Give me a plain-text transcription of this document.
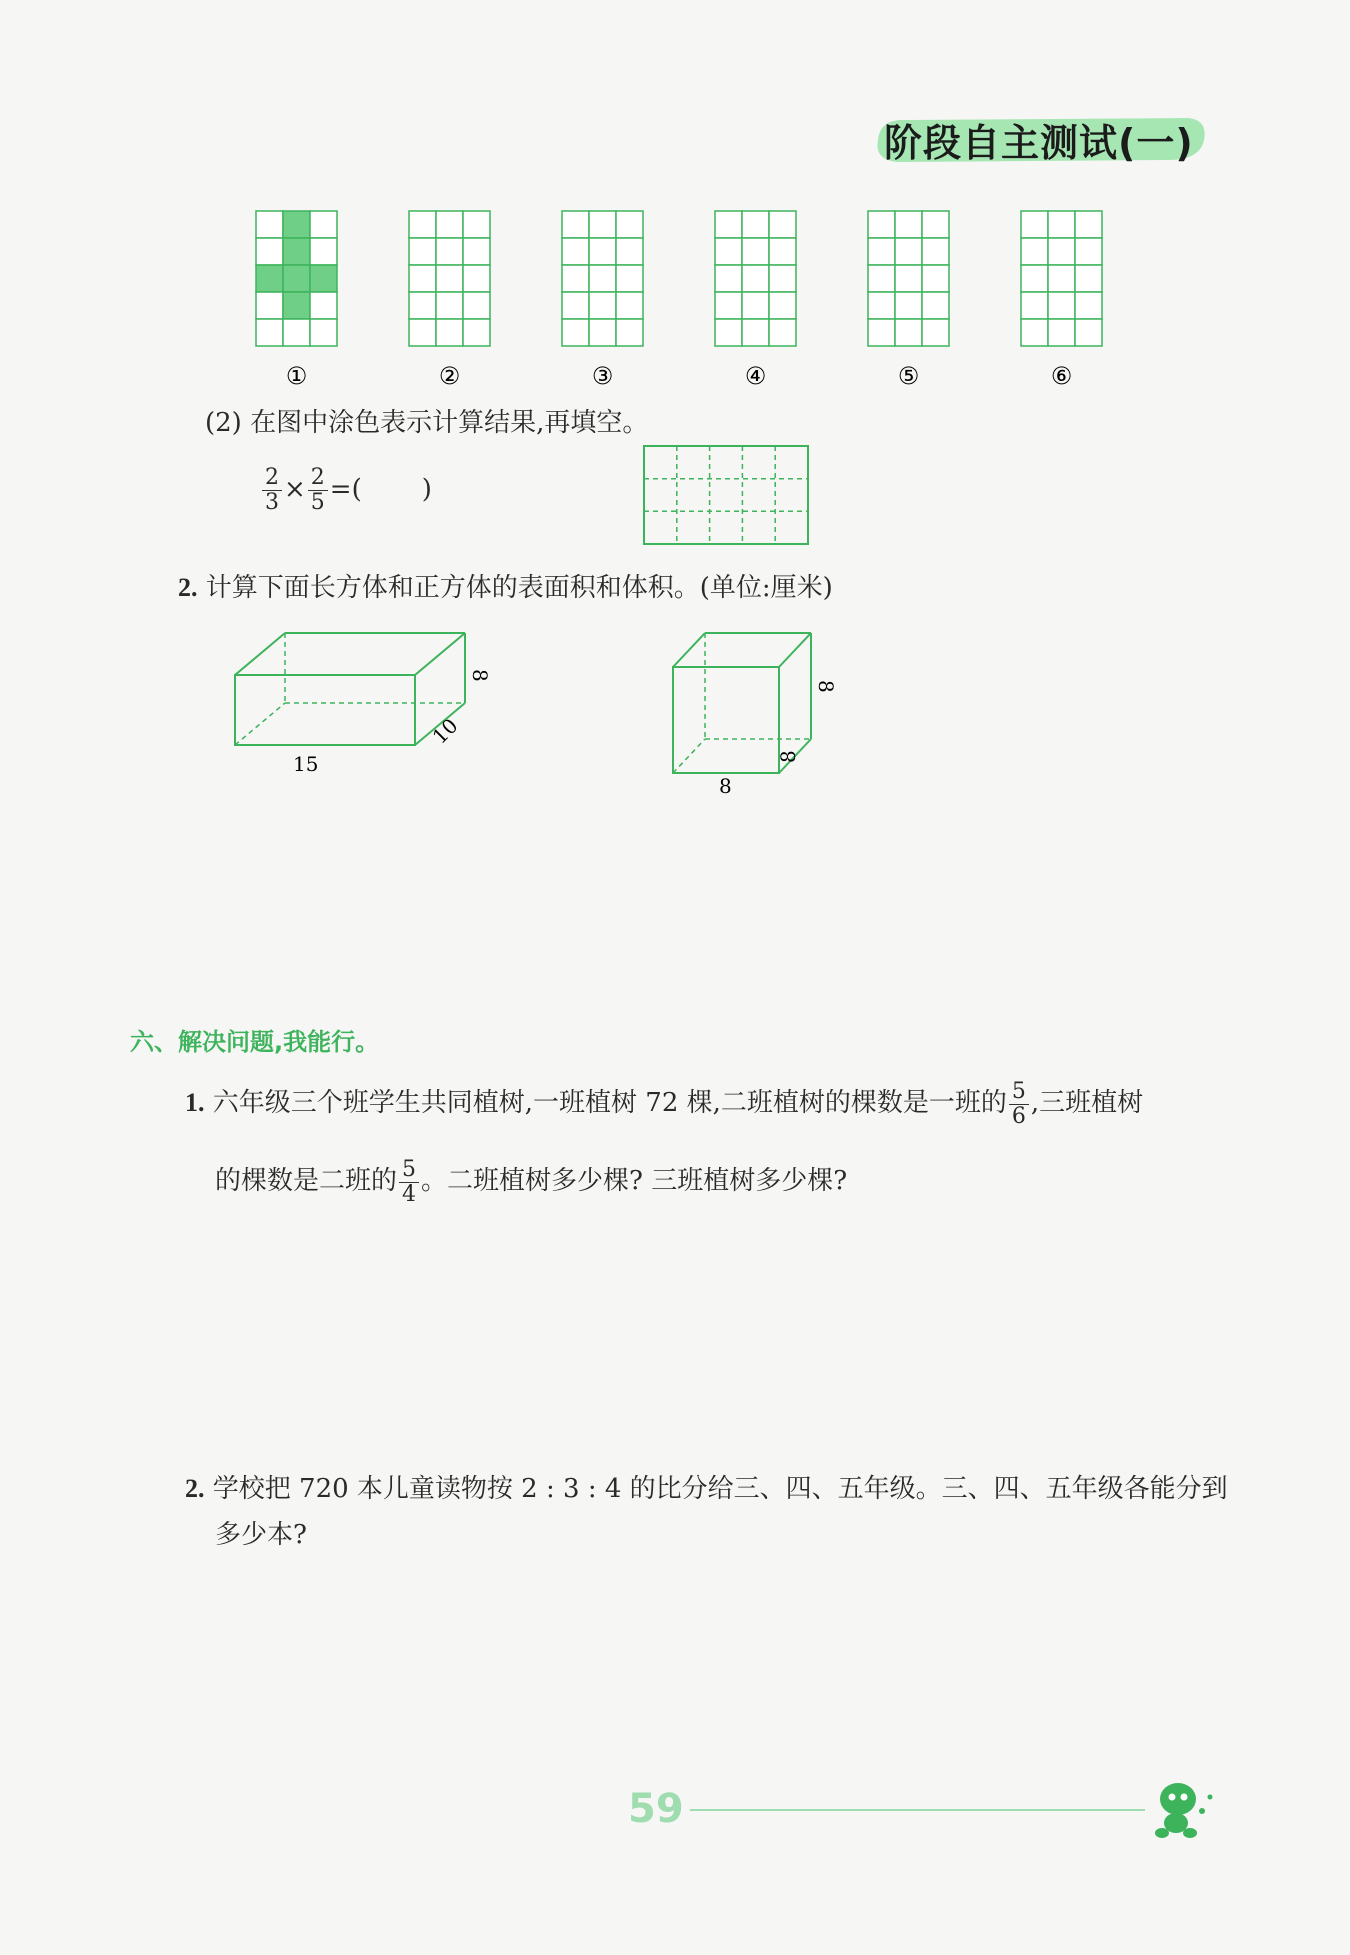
阶段自主测试(一)
①	②	③	④	⑤	⑥
(2) 在图中涂色表示计算结果,再填空。
$\frac{2}{3} \times \frac{2}{5}$ =( )
2. 计算下面长方体和正方体的表面积和体积。(单位:厘米)
15
10
8
8
8
8
六、解决问题,我能行。
1. 六年级三个班学生共同植树,一班植树 72 棵,二班植树的棵数是一班的 $\frac{5}{6}$ ,三班植树
的棵数是二班的 $\frac{5}{4}$ 。二班植树多少棵? 三班植树多少棵?
2. 学校把 720 本儿童读物按 2 : 3 : 4 的比分给三、四、五年级。三、四、五年级各能分到
多少本?
59
